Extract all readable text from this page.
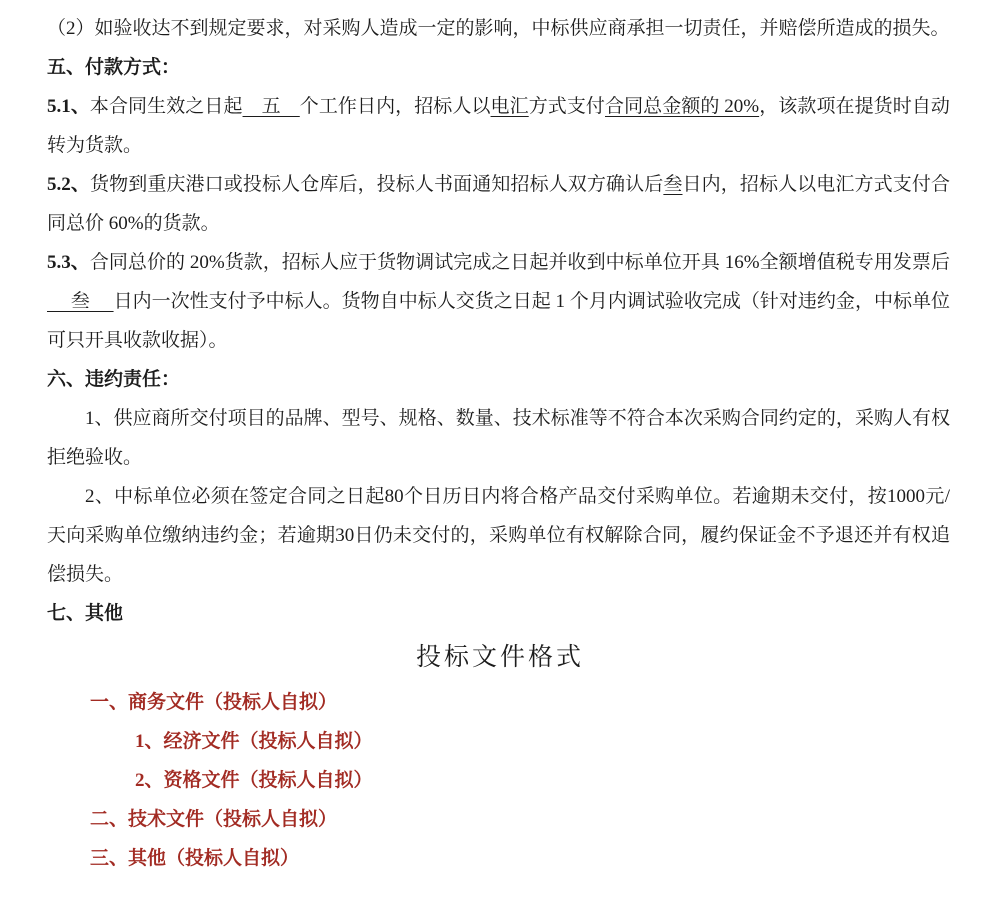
（2）如验收达不到规定要求，对采购人造成一定的影响，中标供应商承担一切责任，并赔偿所造成的损失。

五、付款方式：

5.1、本合同生效之日起　五　个工作日内，招标人以电汇方式支付合同总金额的 20%，该款项在提货时自动转为货款。

5.2、货物到重庆港口或投标人仓库后，投标人书面通知招标人双方确认后叁日内，招标人以电汇方式支付合同总价 60%的货款。

5.3、合同总价的 20%货款，招标人应于货物调试完成之日起并收到中标单位开具 16%全额增值税专用发票后 　叁　 日内一次性支付予中标人。货物自中标人交货之日起 1 个月内调试验收完成（针对违约金，中标单位可只开具收款收据）。

六、违约责任：

1、供应商所交付项目的品牌、型号、规格、数量、技术标准等不符合本次采购合同约定的，采购人有权拒绝验收。

2、中标单位必须在签定合同之日起80个日历日内将合格产品交付采购单位。若逾期未交付，按1000元/天向采购单位缴纳违约金；若逾期30日仍未交付的，采购单位有权解除合同，履约保证金不予退还并有权追偿损失。

七、其他

投标文件格式

一、商务文件（投标人自拟）

1、经济文件（投标人自拟）

2、资格文件（投标人自拟）

二、技术文件（投标人自拟）

三、其他（投标人自拟）
